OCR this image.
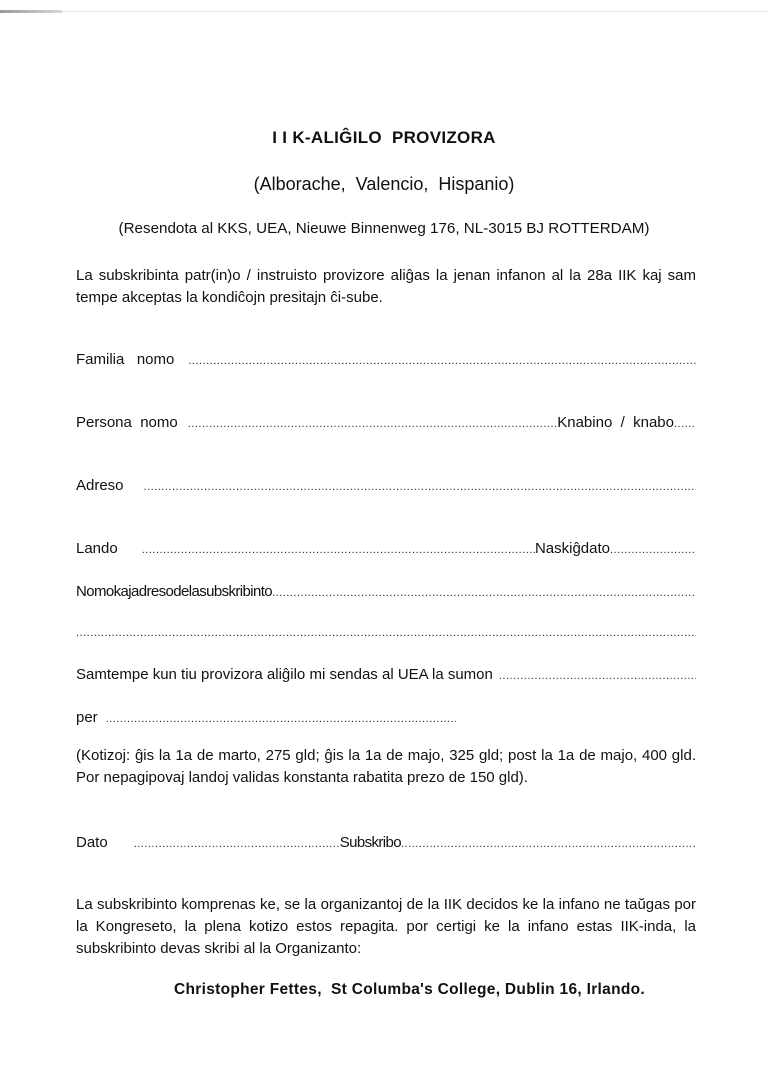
I I K-ALIĜILO  PROVIZORA
(Alborache,  Valencio,  Hispanio)
(Resendota al KKS, UEA, Nieuwe Binnenweg 176, NL-3015 BJ ROTTERDAM)
La subskribinta patr(in)o / instruisto provizore aliĝas la jenan infanon al la 28a IIK kaj sam tempe akceptas la kondiĉojn presitajn ĉi-sube.
Familia   nomo
.....
Persona  nomo .....	Knabino  /  knabo
.....
Adreso
.....
Lando .....	Naskiĝdato
.....
Nomokajadresodelasubskribinto
.....
.....
Samtempe kun tiu provizora aliĝilo mi sendas al UEA la sumon
.....
per
.....
(Kotizoj: ĝis la 1a de marto, 275 gld; ĝis la 1a de majo, 325 gld; post la 1a de majo, 400 gld. Por nepagipovaj landoj validas konstanta rabatita prezo de 150 gld).
Dato .....	Subskribo
.....
La subskribinto komprenas ke, se la organizantoj de la IIK decidos ke la infano ne taŭgas por la Kongreseto, la plena kotizo estos repagita. por certigi ke la infano estas IIK-inda, la subskribinto devas skribi al la Organizanto:
Christopher Fettes,  St Columba's College, Dublin 16, Irlando.
